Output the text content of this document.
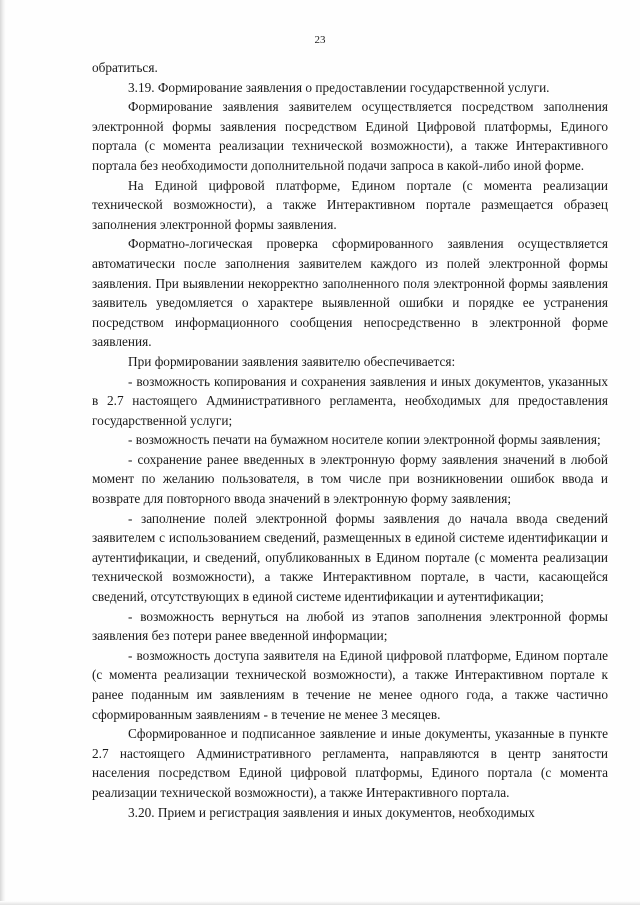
23

обратиться.

3.19. Формирование заявления о предоставлении государственной услуги.

Формирование заявления заявителем осуществляется посредством заполнения электронной формы заявления посредством Единой Цифровой платформы, Единого портала (с момента реализации технической возможности), а также Интерактивного портала без необходимости дополнительной подачи запроса в какой-либо иной форме.

На Единой цифровой платформе, Едином портале (с момента реализации технической возможности), а также Интерактивном портале размещается образец заполнения электронной формы заявления.

Форматно-логическая проверка сформированного заявления осуществляется автоматически после заполнения заявителем каждого из полей электронной формы заявления. При выявлении некорректно заполненного поля электронной формы заявления заявитель уведомляется о характере выявленной ошибки и порядке ее устранения посредством информационного сообщения непосредственно в электронной форме заявления.

При формировании заявления заявителю обеспечивается:

- возможность копирования и сохранения заявления и иных документов, указанных в 2.7 настоящего Административного регламента, необходимых для предоставления государственной услуги;

- возможность печати на бумажном носителе копии электронной формы заявления;

- сохранение ранее введенных в электронную форму заявления значений в любой момент по желанию пользователя, в том числе при возникновении ошибок ввода и возврате для повторного ввода значений в электронную форму заявления;

- заполнение полей электронной формы заявления до начала ввода сведений заявителем с использованием сведений, размещенных в единой системе идентификации и аутентификации, и сведений, опубликованных в Едином портале (с момента реализации технической возможности), а также Интерактивном портале, в части, касающейся сведений, отсутствующих в единой системе идентификации и аутентификации;

- возможность вернуться на любой из этапов заполнения электронной формы заявления без потери ранее введенной информации;

- возможность доступа заявителя на Единой цифровой платформе, Едином портале (с момента реализации технической возможности), а также Интерактивном портале к ранее поданным им заявлениям в течение не менее одного года, а также частично сформированным заявлениям - в течение не менее 3 месяцев.

Сформированное и подписанное заявление и иные документы, указанные в пункте 2.7 настоящего Административного регламента, направляются в центр занятости населения посредством Единой цифровой платформы, Единого портала (с момента реализации технической возможности), а также Интерактивного портала.

3.20. Прием и регистрация заявления и иных документов, необходимых
